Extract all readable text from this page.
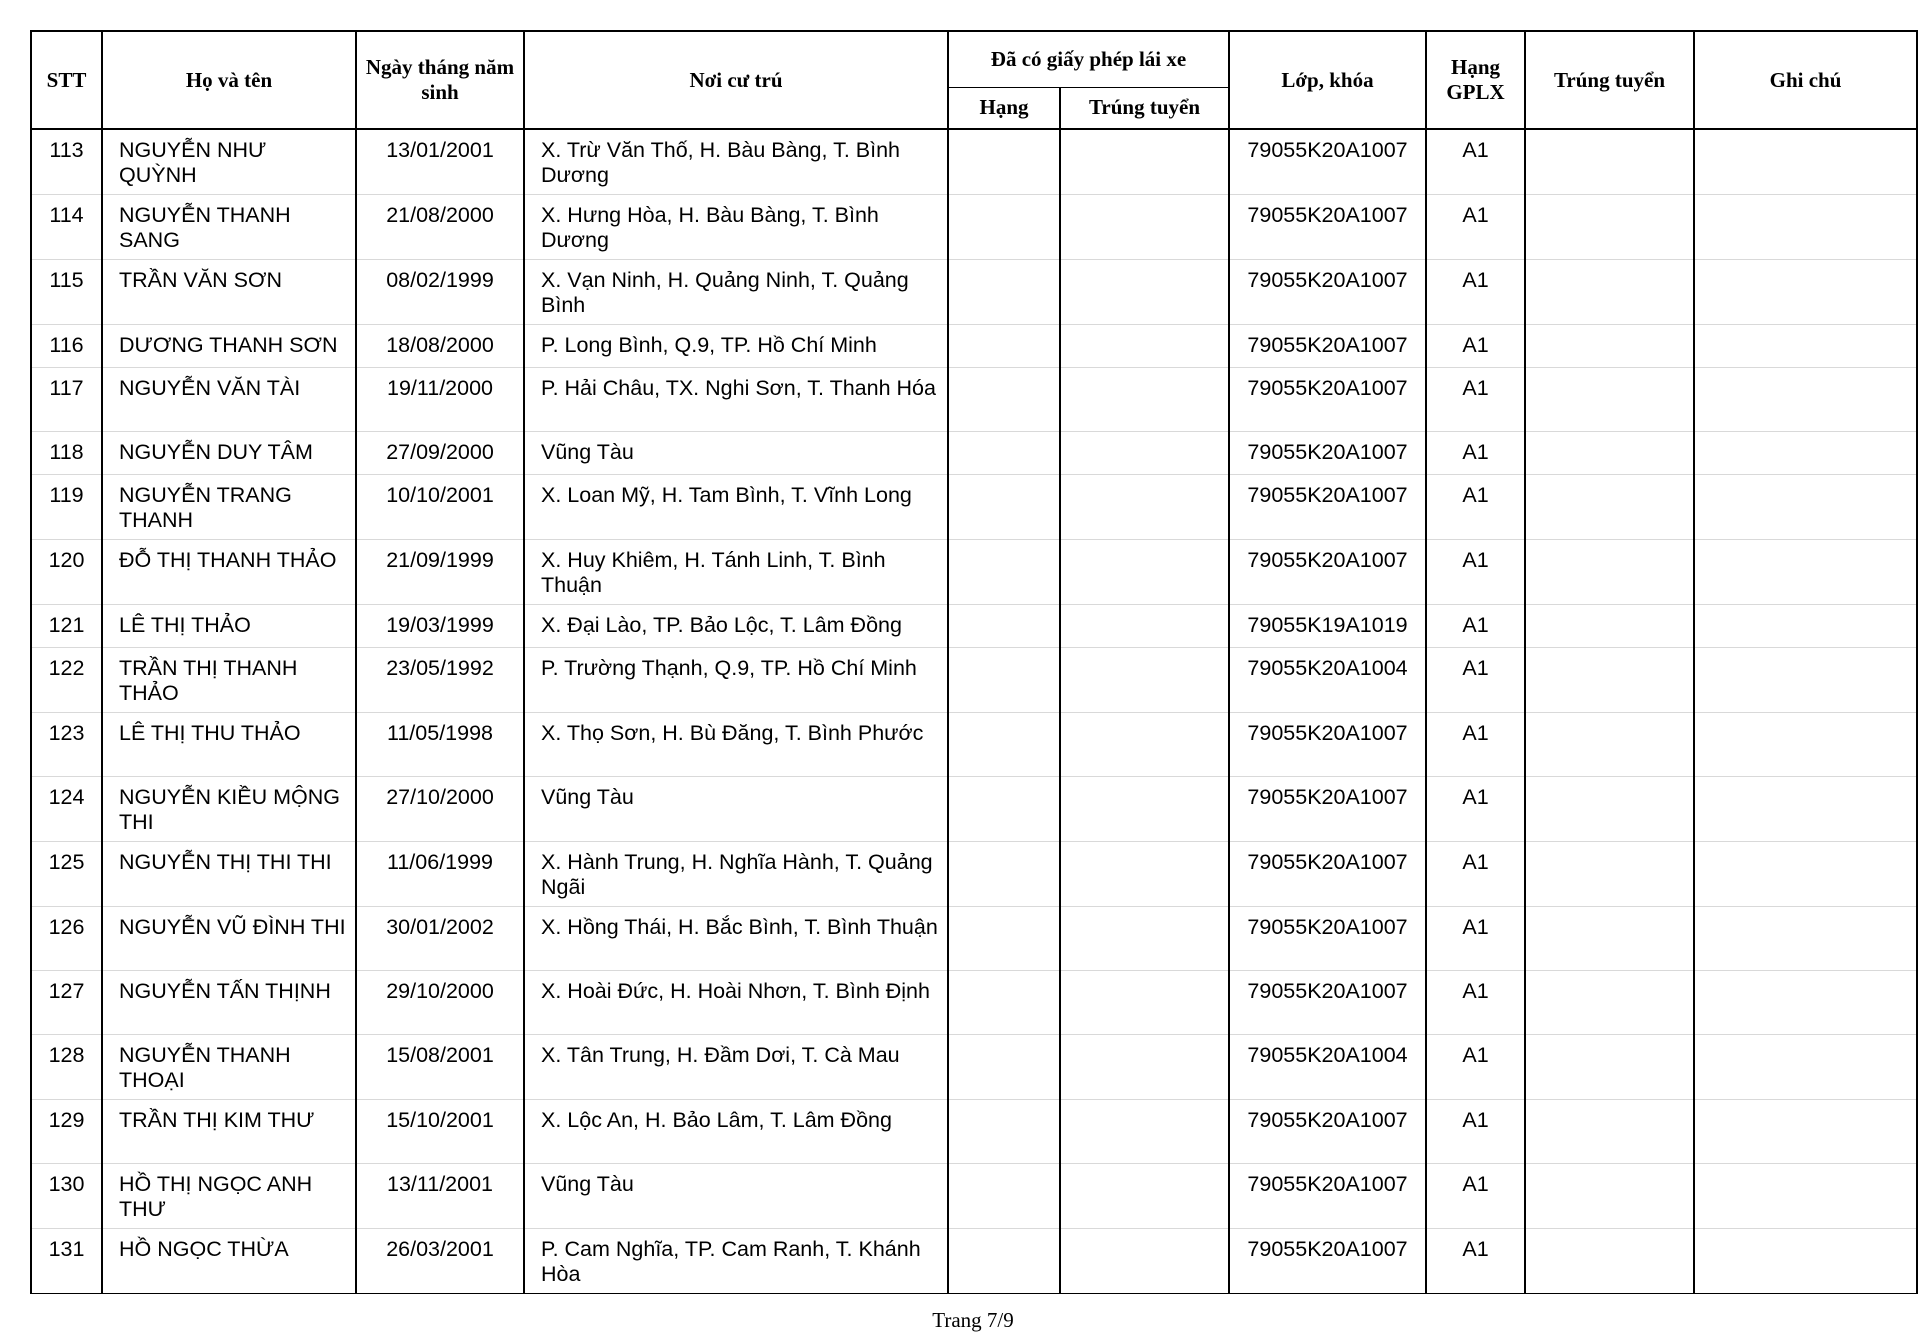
STT	Họ và tên	Ngày tháng năm sinh	Nơi cư trú	Đã có giấy phép lái xe		Lớp, khóa	Hạng GPLX	Trúng tuyển	Ghi chú
				Hạng	Trúng tuyển				
113	NGUYỄN NHƯ QUỲNH	13/01/2001	X. Trừ Văn Thố, H. Bàu Bàng, T. Bình Dương			79055K20A1007	A1		
114	NGUYỄN THANH SANG	21/08/2000	X. Hưng Hòa, H. Bàu Bàng, T. Bình Dương			79055K20A1007	A1		
115	TRẦN VĂN SƠN	08/02/1999	X. Vạn Ninh, H. Quảng Ninh, T. Quảng Bình			79055K20A1007	A1		
116	DƯƠNG THANH SƠN	18/08/2000	P. Long Bình, Q.9, TP. Hồ Chí Minh			79055K20A1007	A1		
117	NGUYỄN VĂN TÀI	19/11/2000	P. Hải Châu, TX. Nghi Sơn, T. Thanh Hóa			79055K20A1007	A1		
118	NGUYỄN DUY TÂM	27/09/2000	Vũng Tàu			79055K20A1007	A1		
119	NGUYỄN TRANG THANH	10/10/2001	X. Loan Mỹ, H. Tam Bình, T. Vĩnh Long			79055K20A1007	A1		
120	ĐỖ THỊ THANH THẢO	21/09/1999	X. Huy Khiêm, H. Tánh Linh, T. Bình Thuận			79055K20A1007	A1		
121	LÊ THỊ THẢO	19/03/1999	X. Đại Lào, TP. Bảo Lộc, T. Lâm Đồng			79055K19A1019	A1		
122	TRẦN THỊ THANH THẢO	23/05/1992	P. Trường Thạnh, Q.9, TP. Hồ Chí Minh			79055K20A1004	A1		
123	LÊ THỊ THU THẢO	11/05/1998	X. Thọ Sơn, H. Bù Đăng, T. Bình Phước			79055K20A1007	A1		
124	NGUYỄN KIỀU MỘNG THI	27/10/2000	Vũng Tàu			79055K20A1007	A1		
125	NGUYỄN THỊ THI THI	11/06/1999	X. Hành Trung, H. Nghĩa Hành, T. Quảng Ngãi			79055K20A1007	A1		
126	NGUYỄN VŨ ĐÌNH THI	30/01/2002	X. Hồng Thái, H. Bắc Bình, T. Bình Thuận			79055K20A1007	A1		
127	NGUYỄN TẤN THỊNH	29/10/2000	X. Hoài Đức, H. Hoài Nhơn, T. Bình Định			79055K20A1007	A1		
128	NGUYỄN THANH THOẠI	15/08/2001	X. Tân Trung, H. Đầm Dơi, T. Cà Mau			79055K20A1004	A1		
129	TRẦN THỊ KIM THƯ	15/10/2001	X. Lộc An, H. Bảo Lâm, T. Lâm Đồng			79055K20A1007	A1		
130	HỒ THỊ NGỌC ANH THƯ	13/11/2001	Vũng Tàu			79055K20A1007	A1		
131	HỒ NGỌC THỪA	26/03/2001	P. Cam Nghĩa, TP. Cam Ranh, T. Khánh Hòa			79055K20A1007	A1		
Trang 7/9
